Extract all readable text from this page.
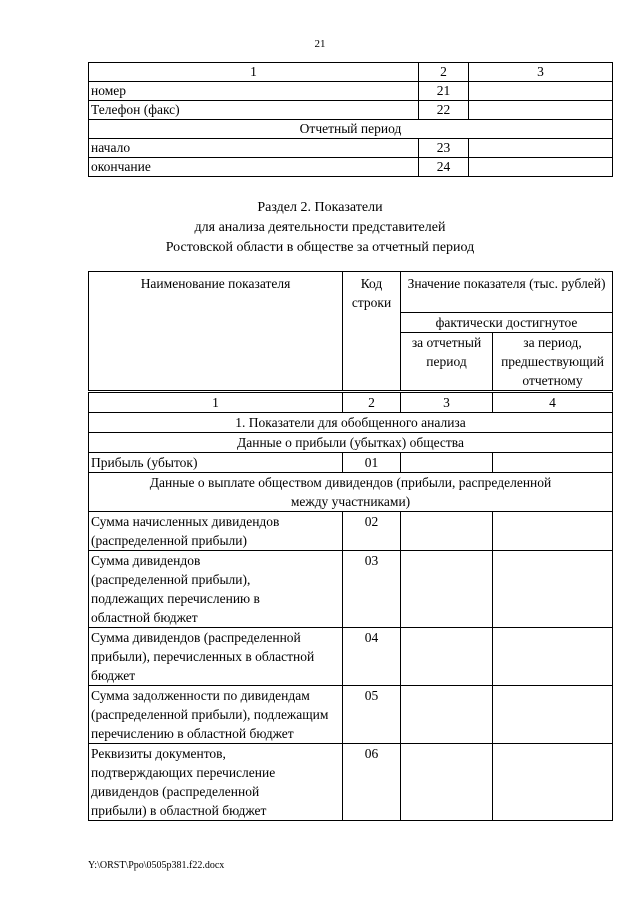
21
1	2	3
номер	21	
Телефон (факс)	22	
Отчетный период		
начало	23	
окончание	24	
Раздел 2. Показатели
для анализа деятельности представителей
Ростовской области в обществе за отчетный период
Наименование показателя	Код строки	Значение показателя (тыс. рублей)	
		фактически достигнутое	
		за отчетный период	за период, предшествующий отчетному
1	2	3	4
1. Показатели для обобщенного анализа			
Данные о прибыли (убытках) общества			
Прибыль (убыток)	01		
Данные о выплате обществом дивидендов (прибыли, распределенной между участниками)			
Сумма начисленных дивидендов (распределенной прибыли)	02		
Сумма дивидендов (распределенной прибыли), подлежащих перечислению в областной бюджет	03		
Сумма дивидендов (распределенной прибыли), перечисленных в областной бюджет	04		
Сумма задолженности по дивидендам (распределенной прибыли), подлежащим перечислению в областной бюджет	05		
Реквизиты документов, подтверждающих перечисление дивидендов (распределенной прибыли) в областной бюджет	06		
Y:\ORST\Ppo\0505p381.f22.docx
